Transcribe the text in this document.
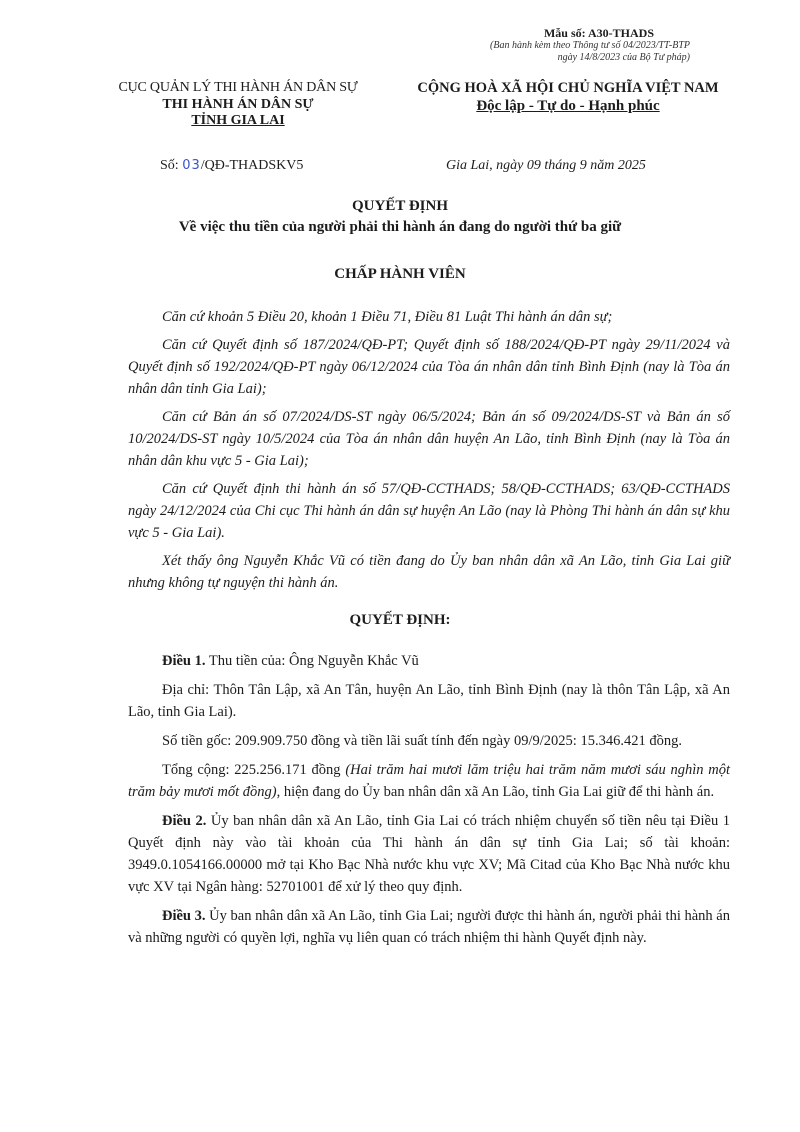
Mẫu số: A30-THADS
(Ban hành kèm theo Thông tư số 04/2023/TT-BTP
ngày 14/8/2023 của Bộ Tư pháp)
CỤC QUẢN LÝ THI HÀNH ÁN DÂN SỰ
THI HÀNH ÁN DÂN SỰ
TỈNH GIA LAI
CỘNG HOÀ XÃ HỘI CHỦ NGHĨA VIỆT NAM
Độc lập - Tự do - Hạnh phúc
Số: 03/QĐ-THADSKV5	Gia Lai, ngày 09 tháng 9 năm 2025
QUYẾT ĐỊNH
Về việc thu tiền của người phải thi hành án đang do người thứ ba giữ
CHẤP HÀNH VIÊN

Căn cứ khoản 5 Điều 20, khoản 1 Điều 71, Điều 81 Luật Thi hành án dân sự;

Căn cứ Quyết định số 187/2024/QĐ-PT; Quyết định số 188/2024/QĐ-PT ngày 29/11/2024 và Quyết định số 192/2024/QĐ-PT ngày 06/12/2024 của Tòa án nhân dân tỉnh Bình Định (nay là Tòa án nhân dân tỉnh Gia Lai);

Căn cứ Bản án số 07/2024/DS-ST ngày 06/5/2024; Bản án số 09/2024/DS-ST và Bản án số 10/2024/DS-ST ngày 10/5/2024 của Tòa án nhân dân huyện An Lão, tỉnh Bình Định (nay là Tòa án nhân dân khu vực 5 - Gia Lai);

Căn cứ Quyết định thi hành án số 57/QĐ-CCTHADS; 58/QĐ-CCTHADS; 63/QĐ-CCTHADS ngày 24/12/2024 của Chi cục Thi hành án dân sự huyện An Lão (nay là Phòng Thi hành án dân sự khu vực 5 - Gia Lai).

Xét thấy ông Nguyễn Khắc Vũ có tiền đang do Ủy ban nhân dân xã An Lão, tỉnh Gia Lai giữ nhưng không tự nguyện thi hành án.

QUYẾT ĐỊNH:

Điều 1. Thu tiền của: Ông Nguyễn Khắc Vũ

Địa chỉ: Thôn Tân Lập, xã An Tân, huyện An Lão, tỉnh Bình Định (nay là thôn Tân Lập, xã An Lão, tỉnh Gia Lai).

Số tiền gốc: 209.909.750 đồng và tiền lãi suất tính đến ngày 09/9/2025: 15.346.421 đồng.

Tổng cộng: 225.256.171 đồng (Hai trăm hai mươi lăm triệu hai trăm năm mươi sáu nghìn một trăm bảy mươi mốt đồng), hiện đang do Ủy ban nhân dân xã An Lão, tỉnh Gia Lai giữ để thi hành án.

Điều 2. Ủy ban nhân dân xã An Lão, tỉnh Gia Lai có trách nhiệm chuyển số tiền nêu tại Điều 1 Quyết định này vào tài khoản của Thi hành án dân sự tỉnh Gia Lai; số tài khoản: 3949.0.1054166.00000 mở tại Kho Bạc Nhà nước khu vực XV; Mã Citad của Kho Bạc Nhà nước khu vực XV tại Ngân hàng: 52701001 để xử lý theo quy định.

Điều 3. Ủy ban nhân dân xã An Lão, tỉnh Gia Lai; người được thi hành án, người phải thi hành án và những người có quyền lợi, nghĩa vụ liên quan có trách nhiệm thi hành Quyết định này.
